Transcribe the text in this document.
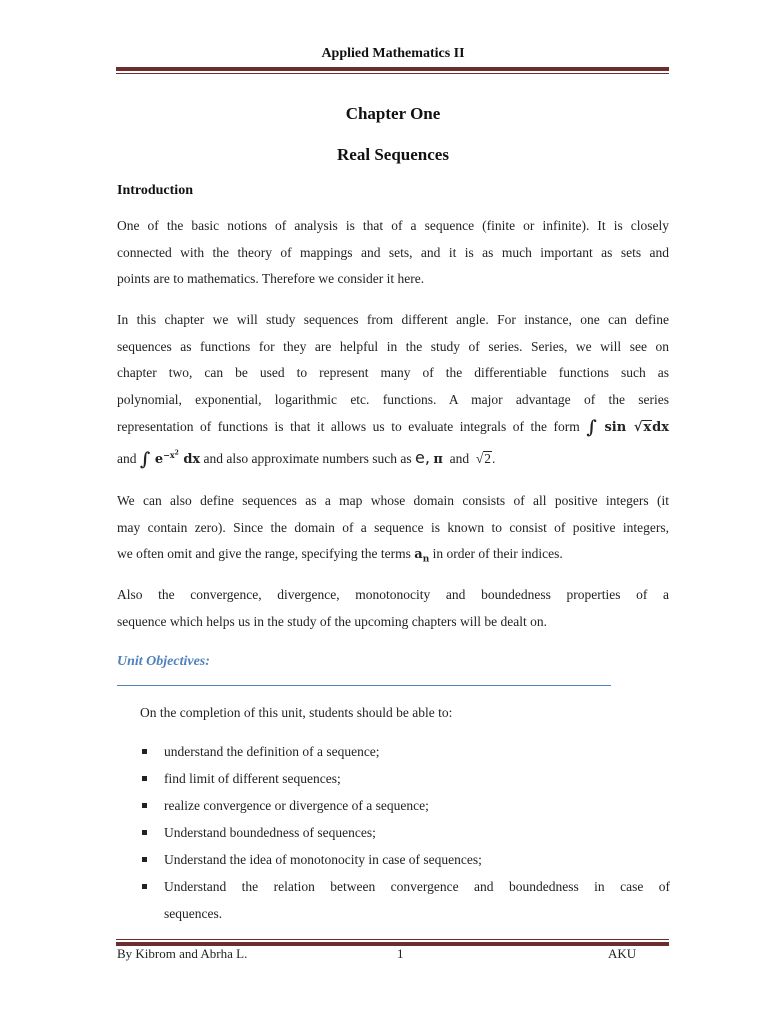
Applied Mathematics II
Chapter One
Real Sequences
Introduction
One of the basic notions of analysis is that of a sequence (finite or infinite). It is closely
connected with the theory of mappings and sets, and it is as much important as sets and
points are to mathematics. Therefore we consider it here.
In this chapter we will study sequences from different angle. For instance, one can define
sequences as functions for they are helpful in the study of series. Series, we will see on
chapter two, can be used to represent many of the differentiable functions such as
polynomial, exponential, logarithmic etc. functions. A major advantage of the series
representation of functions is that it allows us to evaluate integrals of the form ∫ sin √xdx
and ∫ $e^{-x^2}$ dx and also approximate numbers such as e, π and √2.
We can also define sequences as a map whose domain consists of all positive integers (it
may contain zero). Since the domain of a sequence is known to consist of positive integers,
we often omit and give the range, specifying the terms $a_n$ in order of their indices.
Also the convergence, divergence, monotonocity and boundedness properties of a
sequence which helps us in the study of the upcoming chapters will be dealt on.
Unit Objectives:
On the completion of this unit, students should be able to:
understand the definition of a sequence;
find limit of different sequences;
realize convergence or divergence of a sequence;
Understand boundedness of sequences;
Understand the idea of monotonocity in case of sequences;
Understand the relation between convergence and boundedness in case of
sequences.
By Kibrom and Abrha L.	1	AKU
